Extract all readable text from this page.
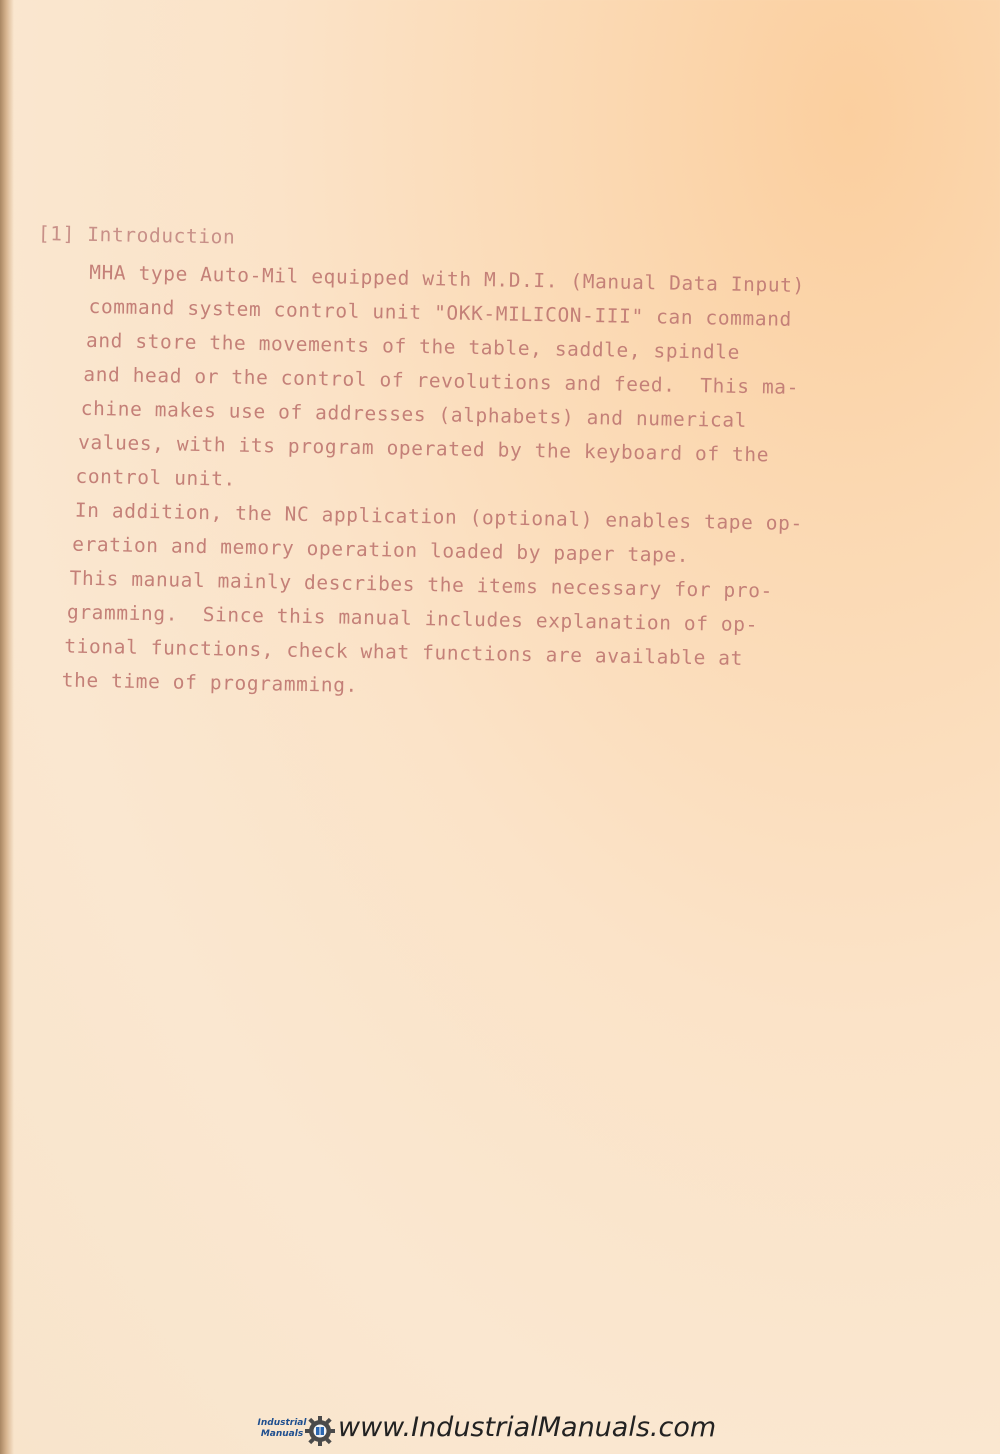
[1] Introduction
MHA type Auto-Mil equipped with M.D.I. (Manual Data Input)
command system control unit "OKK-MILICON-III" can command
and store the movements of the table, saddle, spindle
and head or the control of revolutions and feed.  This ma-
chine makes use of addresses (alphabets) and numerical
values, with its program operated by the keyboard of the
control unit.
In addition, the NC application (optional) enables tape op-
eration and memory operation loaded by paper tape.
This manual mainly describes the items necessary for pro-
gramming.  Since this manual includes explanation of op-
tional functions, check what functions are available at
the time of programming.
Industrial
Manuals www.IndustrialManuals.com
